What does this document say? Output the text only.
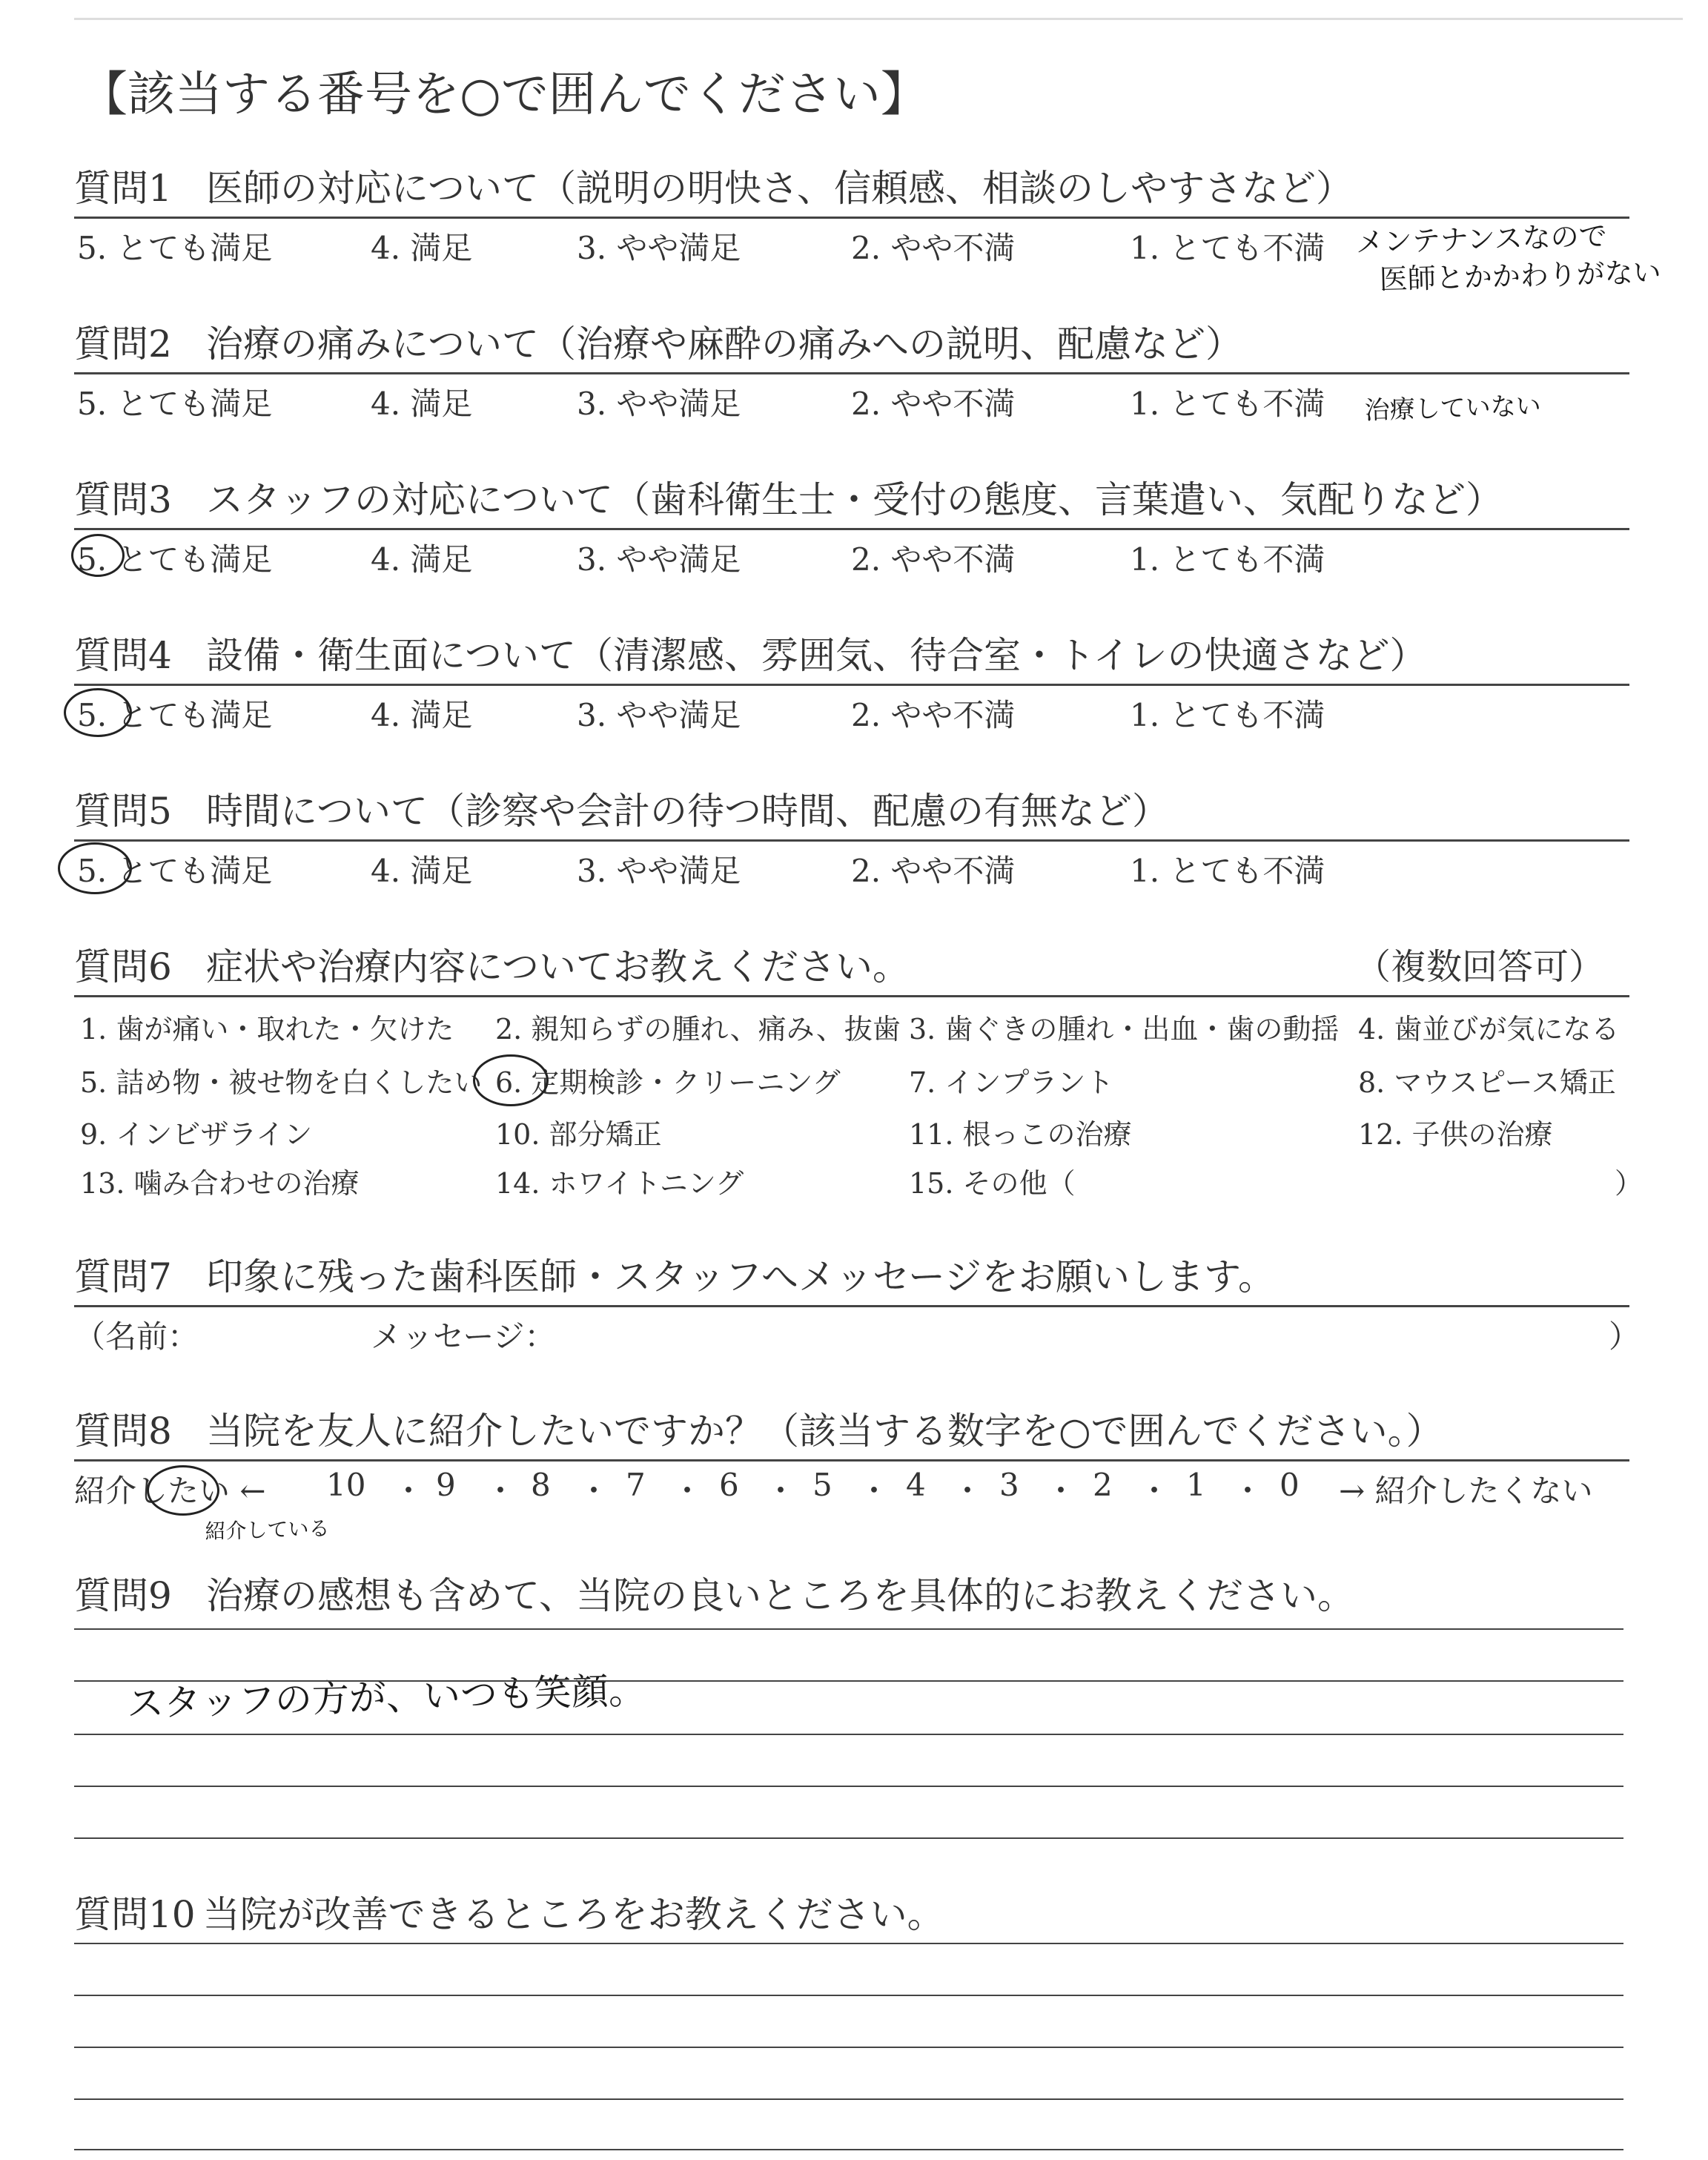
【該当する番号を○で囲んでください】
質問1 医師の対応について（説明の明快さ、信頼感、相談のしやすさなど）
5. とても満足	4. 満足	3. やや満足	2. やや不満	1. とても不満 メンテナンスなので
医師とかかわりがない
質問2 治療の痛みについて（治療や麻酔の痛みへの説明、配慮など）
5. とても満足	4. 満足	3. やや満足	2. やや不満	1. とても不満 治療していない
質問3 スタッフの対応について（歯科衛生士・受付の態度、言葉遣い、気配りなど）
5. とても満足	4. 満足	3. やや満足	2. やや不満	1. とても不満
質問4 設備・衛生面について（清潔感、雰囲気、待合室・トイレの快適さなど）
5. とても満足	4. 満足	3. やや満足	2. やや不満	1. とても不満
質問5 時間について（診察や会計の待つ時間、配慮の有無など）
5. とても満足	4. 満足	3. やや満足	2. やや不満	1. とても不満
質問6 症状や治療内容についてお教えください。	（複数回答可）
1. 歯が痛い・取れた・欠けた 2. 親知らずの腫れ、痛み、抜歯 3. 歯ぐきの腫れ・出血・歯の動揺 4. 歯並びが気になる
5. 詰め物・被せ物を白くしたい 6. 定期検診・クリーニング 7. インプラント	8. マウスピース矯正
9. インビザライン	10. 部分矯正	11. 根っこの治療	12. 子供の治療
13. 噛み合わせの治療	14. ホワイトニング	15. その他（	）
質問7 印象に残った歯科医師・スタッフへメッセージをお願いします。
（名前：	メッセージ：	）
質問8 当院を友人に紹介したいですか？（該当する数字を○で囲んでください。）
紹介したい ← 10 ・ 9 ・ 8 ・ 7 ・ 6 ・ 5 ・ 4 ・ 3 ・ 2 ・ 1 ・ 0 → 紹介したくない
紹介している
質問9 治療の感想も含めて、当院の良いところを具体的にお教えください。
スタッフの方が、いつも笑顔。
質問10 当院が改善できるところをお教えください。
